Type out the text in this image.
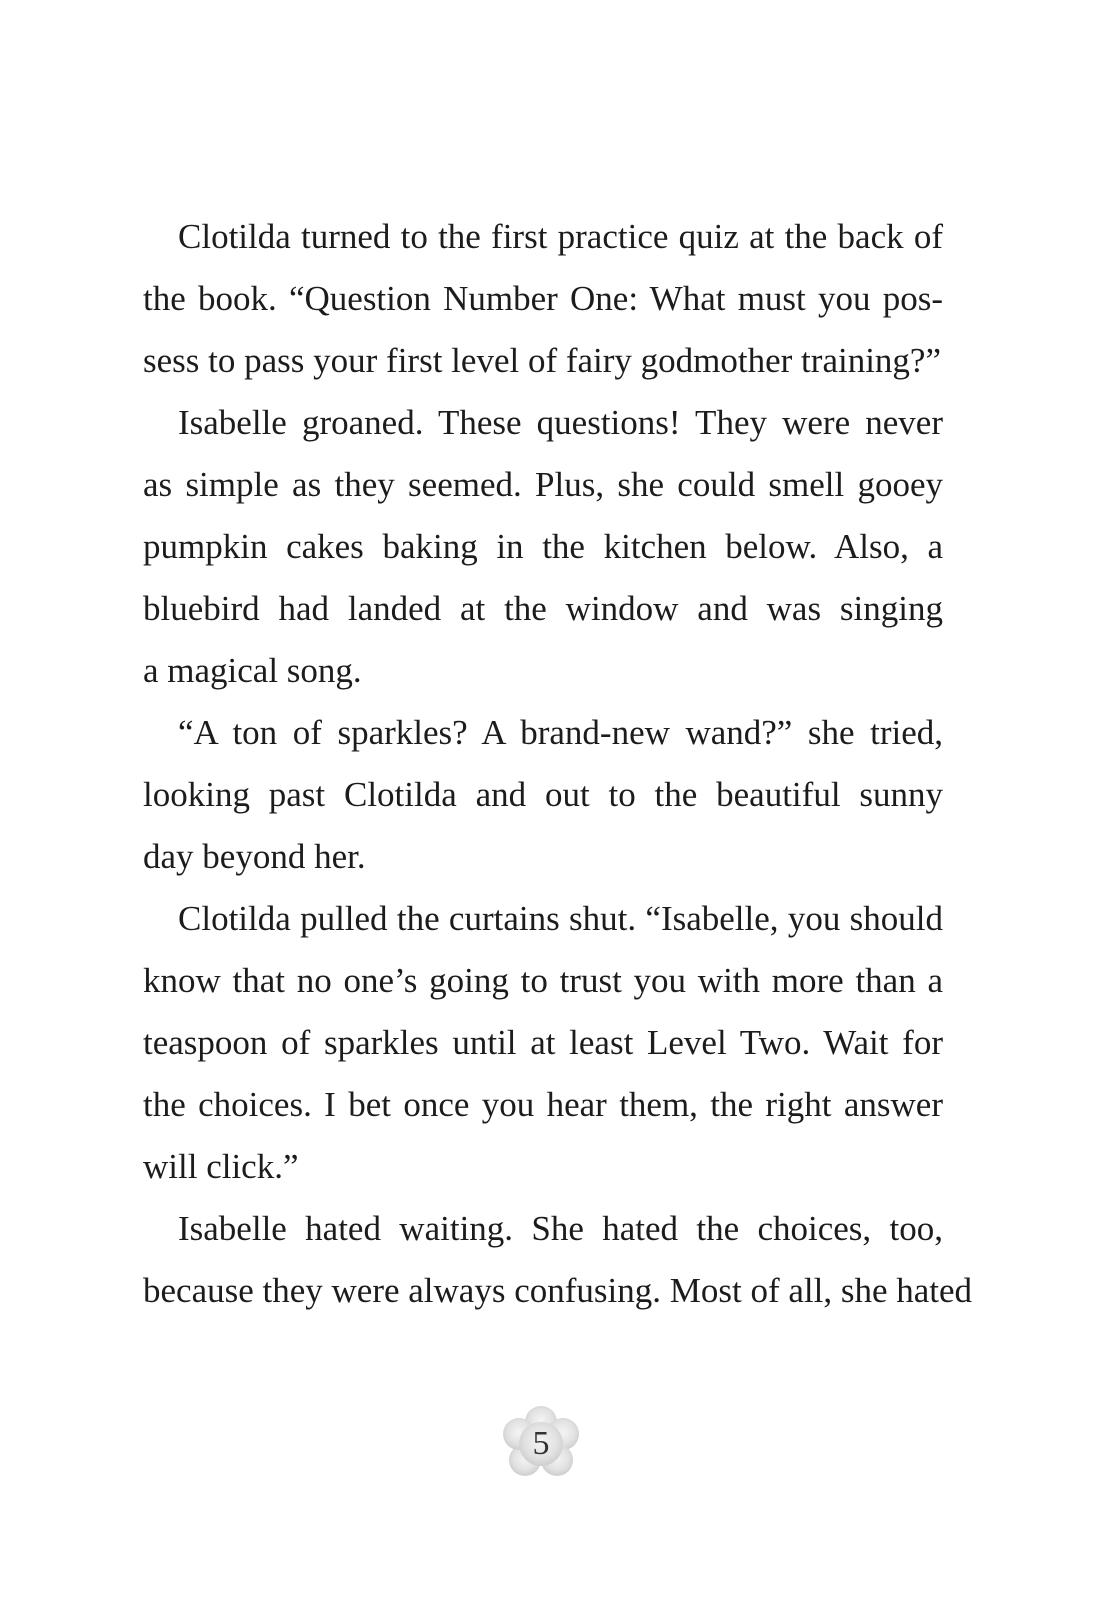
Clotilda turned to the first practice quiz at the back of
the book. “Question Number One: What must you pos-
sess to pass your first level of fairy godmother training?”
Isabelle groaned. These questions! They were never
as simple as they seemed. Plus, she could smell gooey
pumpkin cakes baking in the kitchen below. Also, a
bluebird had landed at the window and was singing
a magical song.
“A ton of sparkles? A brand-new wand?” she tried,
looking past Clotilda and out to the beautiful sunny
day beyond her.
Clotilda pulled the curtains shut. “Isabelle, you should
know that no one’s going to trust you with more than a
teaspoon of sparkles until at least Level Two. Wait for
the choices. I bet once you hear them, the right answer
will click.”
Isabelle hated waiting. She hated the choices, too,
because they were always confusing. Most of all, she hated
5
